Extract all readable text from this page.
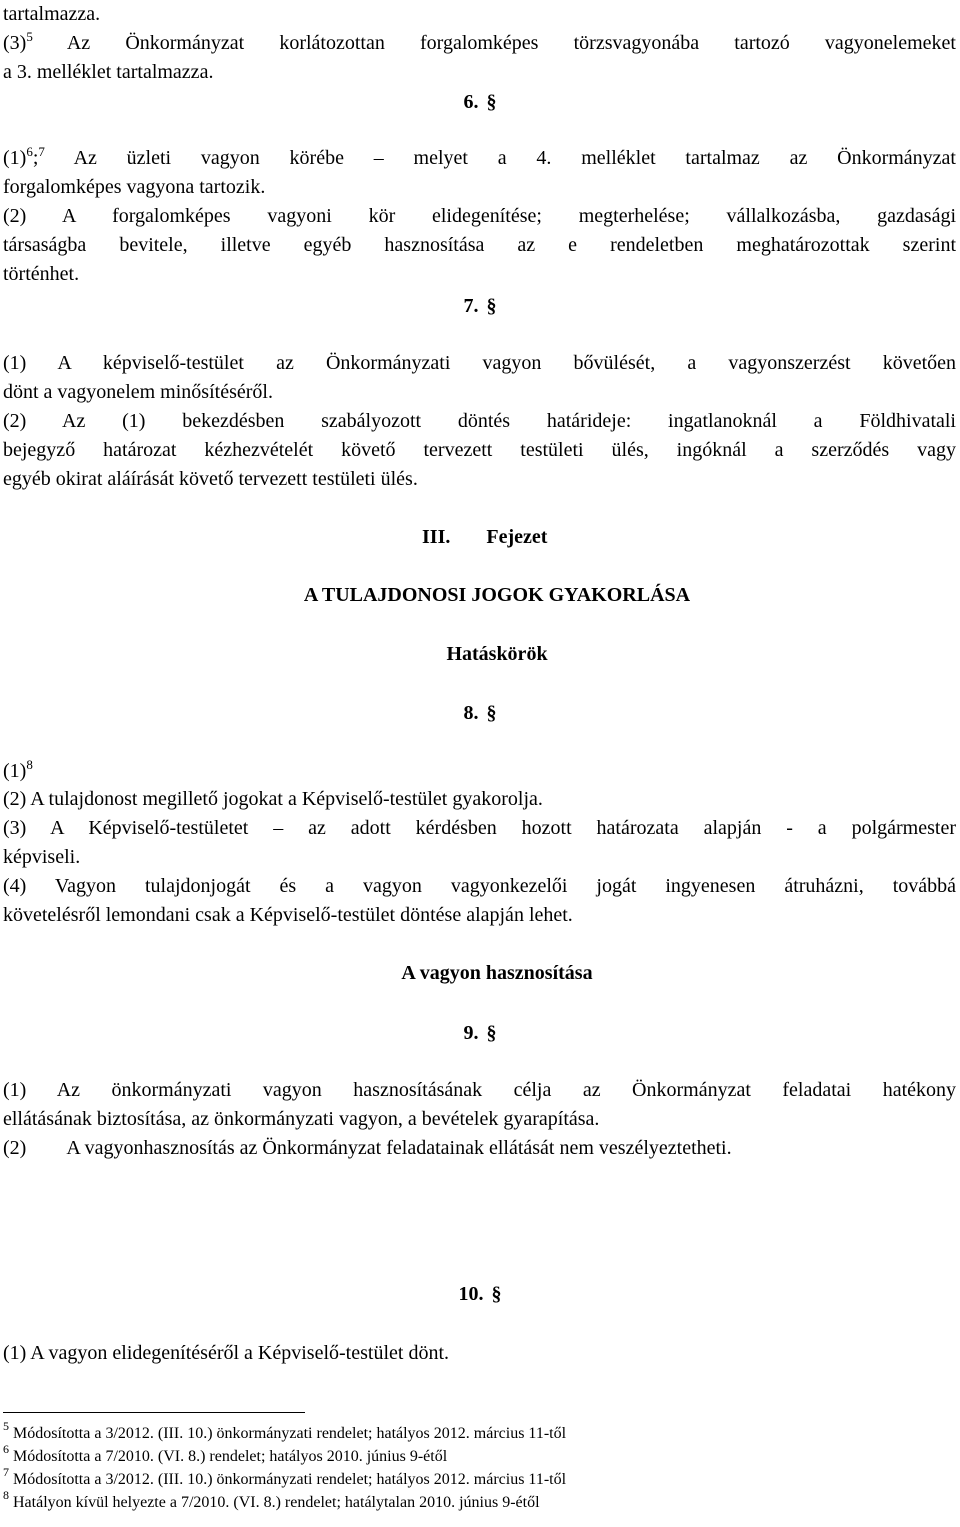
tartalmazza.
$(3)^5$ Az Önkormányzat korlátozottan forgalomképes törzsvagyonába tartozó vagyonelemeket
a 3. melléklet tartalmazza.
6. §
$(1)^6;^7$ Az üzleti vagyon körébe – melyet a 4. melléklet tartalmaz az Önkormányzat
forgalomképes vagyona tartozik.
(2) A forgalomképes vagyoni kör elidegenítése; megterhelése; vállalkozásba, gazdasági
társaságba bevitele, illetve egyéb hasznosítása az e rendeletben meghatározottak szerint
történhet.
7. §
(1) A képviselő-testület az Önkormányzati vagyon bővülését, a vagyonszerzést követően
dönt a vagyonelem minősítéséről.
(2) Az (1) bekezdésben szabályozott döntés határideje: ingatlanoknál a Földhivatali
bejegyző határozat kézhezvételét követő tervezett testületi ülés, ingóknál a szerződés vagy
egyéb okirat aláírását követő tervezett testületi ülés.
III. Fejezet
A TULAJDONOSI JOGOK GYAKORLÁSA
Hatáskörök
8. §
$(1)^8$
(2) A tulajdonost megillető jogokat a Képviselő-testület gyakorolja.
(3) A Képviselő-testületet – az adott kérdésben hozott határozata alapján - a polgármester
képviseli.
(4) Vagyon tulajdonjogát és a vagyon vagyonkezelői jogát ingyenesen átruházni, továbbá
követelésről lemondani csak a Képviselő-testület döntése alapján lehet.
A vagyon hasznosítása
9. §
(1) Az önkormányzati vagyon hasznosításának célja az Önkormányzat feladatai hatékony
ellátásának biztosítása, az önkormányzati vagyon, a bevételek gyarapítása.
(2) A vagyonhasznosítás az Önkormányzat feladatainak ellátását nem veszélyeztetheti.
10. §
(1) A vagyon elidegenítéséről a Képviselő-testület dönt.
$^5$ Módosította a 3/2012. (III. 10.) önkormányzati rendelet; hatályos 2012. március 11-től
$^6$ Módosította a 7/2010. (VI. 8.) rendelet; hatályos 2010. június 9-étől
$^7$ Módosította a 3/2012. (III. 10.) önkormányzati rendelet; hatályos 2012. március 11-től
$^8$ Hatályon kívül helyezte a 7/2010. (VI. 8.) rendelet; hatálytalan 2010. június 9-étől
